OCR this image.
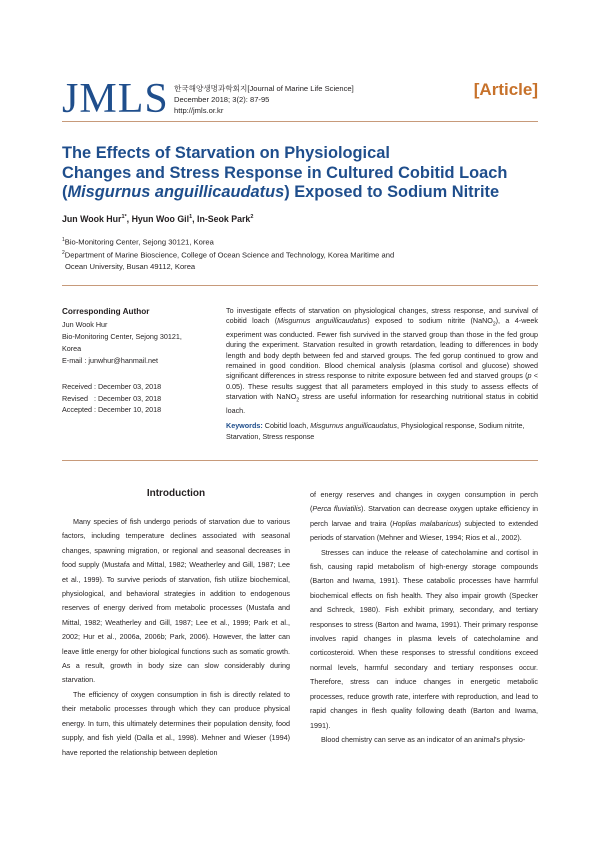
JMLS 한국해양생명과학회지[Journal of Marine Life Science]
December 2018; 3(2): 87-95
http://jmls.or.kr
[Article]
The Effects of Starvation on Physiological
Changes and Stress Response in Cultured Cobitid Loach
(Misgurnus anguillicaudatus) Exposed to Sodium Nitrite
Jun Wook Hur$^{1*}$, Hyun Woo Gil$^1$, In-Seok Park$^2$
$^1$Bio-Monitoring Center, Sejong 30121, Korea
$^2$Department of Marine Bioscience, College of Ocean Science and Technology, Korea Maritime and
Ocean University, Busan 49112, Korea
Corresponding Author
Jun Wook Hur
Bio-Monitoring Center, Sejong 30121,
Korea
E-mail : junwhur@hanmail.net
Received : December 03, 2018
Revised   : December 03, 2018
Accepted : December 10, 2018
To investigate effects of starvation on physiological changes, stress response, and survival of cobitid loach (Misgurnus anguillicaudatus) exposed to sodium nitrite (NaNO$_2$), a 4-week experiment was conducted. Fewer fish survived in the starved group than those in the fed group during the experiment. Starvation resulted in growth retardation, leading to differences in body length and body depth between fed and starved groups. The fed gorup continued to grow and remained in good condition. Blood chemical analysis (plasma cortisol and glucose) showed significant differences in stress response to nitrite exposure between fed and starved groups (p < 0.05). These results suggest that all parameters employed in this study to assess effects of starvation with NaNO$_2$ stress are useful information for researching nutritional status in cobitid loach.
Keywords: Cobitid loach, Misgurnus anguillicaudatus, Physiological response, Sodium nitrite, Starvation, Stress response
Introduction

Many species of fish undergo periods of starvation due to various factors, including temperature declines associated with seasonal changes, spawning migration, or regional and seasonal decreases in food supply (Mustafa and Mittal, 1982; Weatherley and Gill, 1987; Lee et al., 1999). To survive periods of starvation, fish utilize biochemical, physiological, and behavioral strategies in addition to endogenous reserves of energy derived from metabolic processes (Mustafa and Mittal, 1982; Weatherley and Gill, 1987; Lee et al., 1999; Park et al., 2002; Hur et al., 2006a, 2006b; Park, 2006). However, the latter can leave little energy for other biological functions such as somatic growth. As a result, growth in body size can slow considerably during starvation.

The efficiency of oxygen consumption in fish is directly related to their metabolic processes through which they can produce physical energy. In turn, this ultimately determines their population density, food supply, and fish yield (Dalla et al., 1998). Mehner and Wieser (1994) have reported the relationship between depletion

of energy reserves and changes in oxygen consumption in perch (Perca fluviatilis). Starvation can decrease oxygen uptake efficiency in perch larvae and traira (Hoplias malabaricus) subjected to extended periods of starvation (Mehner and Wieser, 1994; Rios et al., 2002).

Stresses can induce the release of catecholamine and cortisol in fish, causing rapid metabolism of high-energy storage compounds (Barton and Iwama, 1991). These catabolic processes have harmful biochemical effects on fish health. They also impair growth (Specker and Schreck, 1980). Fish exhibit primary, secondary, and tertiary responses to stress (Barton and Iwama, 1991). Their primary response involves rapid changes in plasma levels of catecholamine and corticosteroid. When these responses to stressful conditions exceed normal levels, harmful secondary and tertiary responses occur. Therefore, stress can induce changes in energetic metabolic processes, reduce growth rate, interfere with reproduction, and lead to rapid changes in flesh quality following death (Barton and Iwama, 1991).

Blood chemistry can serve as an indicator of an animal's physio-
